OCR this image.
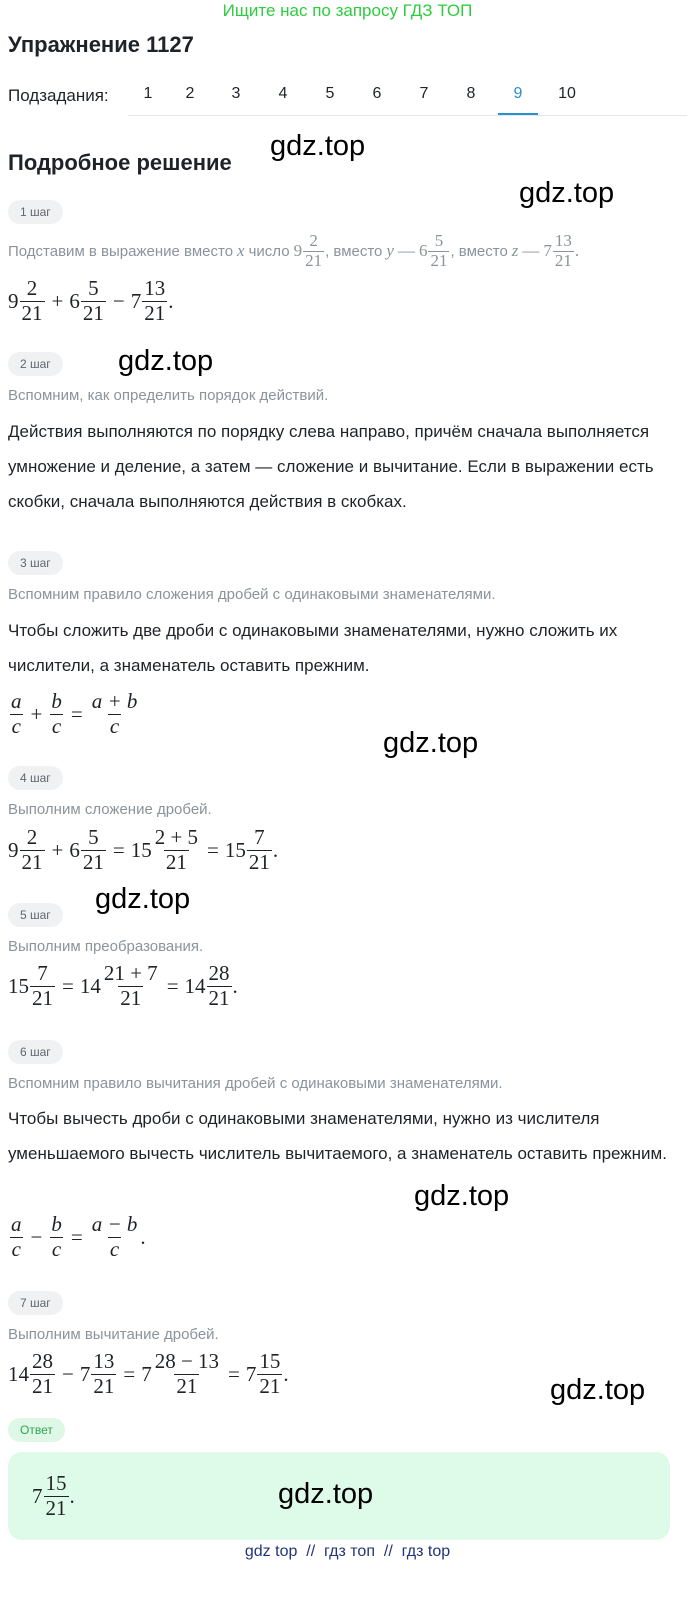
Ищите нас по запросу ГДЗ ТОП
Упражнение 1127
Подзадания:	1	2	3	4	5	6	7	8	9	10
Подробное решение
gdz.top
gdz.top
gdz.top
gdz.top
gdz.top
gdz.top
gdz.top
gdz.top
1 шаг
Подставим в выражение вместо x число $9 \frac{2}{21}$ , вместо y — $6 \frac{5}{21}$ , вместо z — $7 \frac{13}{21}$ .
$9 \frac{2}{21} + 6 \frac{5}{21} - 7 \frac{13}{21}$ .
2 шаг
Вспомним, как определить порядок действий.
Действия выполняются по порядку слева направо, причём сначала выполняется умножение и деление, а затем — сложение и вычитание. Если в выражении есть скобки, сначала выполняются действия в скобках.
3 шаг
Вспомним правило сложения дробей с одинаковыми знаменателями.
Чтобы сложить две дроби с одинаковыми знаменателями, нужно сложить их числители, а знаменатель оставить прежним.
$\frac{a}{c} + \frac{b}{c} = \frac{a + b}{c}$
4 шаг
Выполним сложение дробей.
$9 \frac{2}{21} + 6 \frac{5}{21} = 15 \frac{2 + 5}{21} = 15 \frac{7}{21}$ .
5 шаг
Выполним преобразования.
$15 \frac{7}{21} = 14 \frac{21 + 7}{21} = 14 \frac{28}{21}$ .
6 шаг
Вспомним правило вычитания дробей с одинаковыми знаменателями.
Чтобы вычесть дроби с одинаковыми знаменателями, нужно из числителя уменьшаемого вычесть числитель вычитаемого, а знаменатель оставить прежним.
$\frac{a}{c} - \frac{b}{c} = \frac{a - b}{c}$ .
7 шаг
Выполним вычитание дробей.
$14 \frac{28}{21} - 7 \frac{13}{21} = 7 \frac{28 - 13}{21} = 7 \frac{15}{21}$ .
Ответ
$7 \frac{15}{21}$ .
gdz top  //  гдз топ  //  гдз top
